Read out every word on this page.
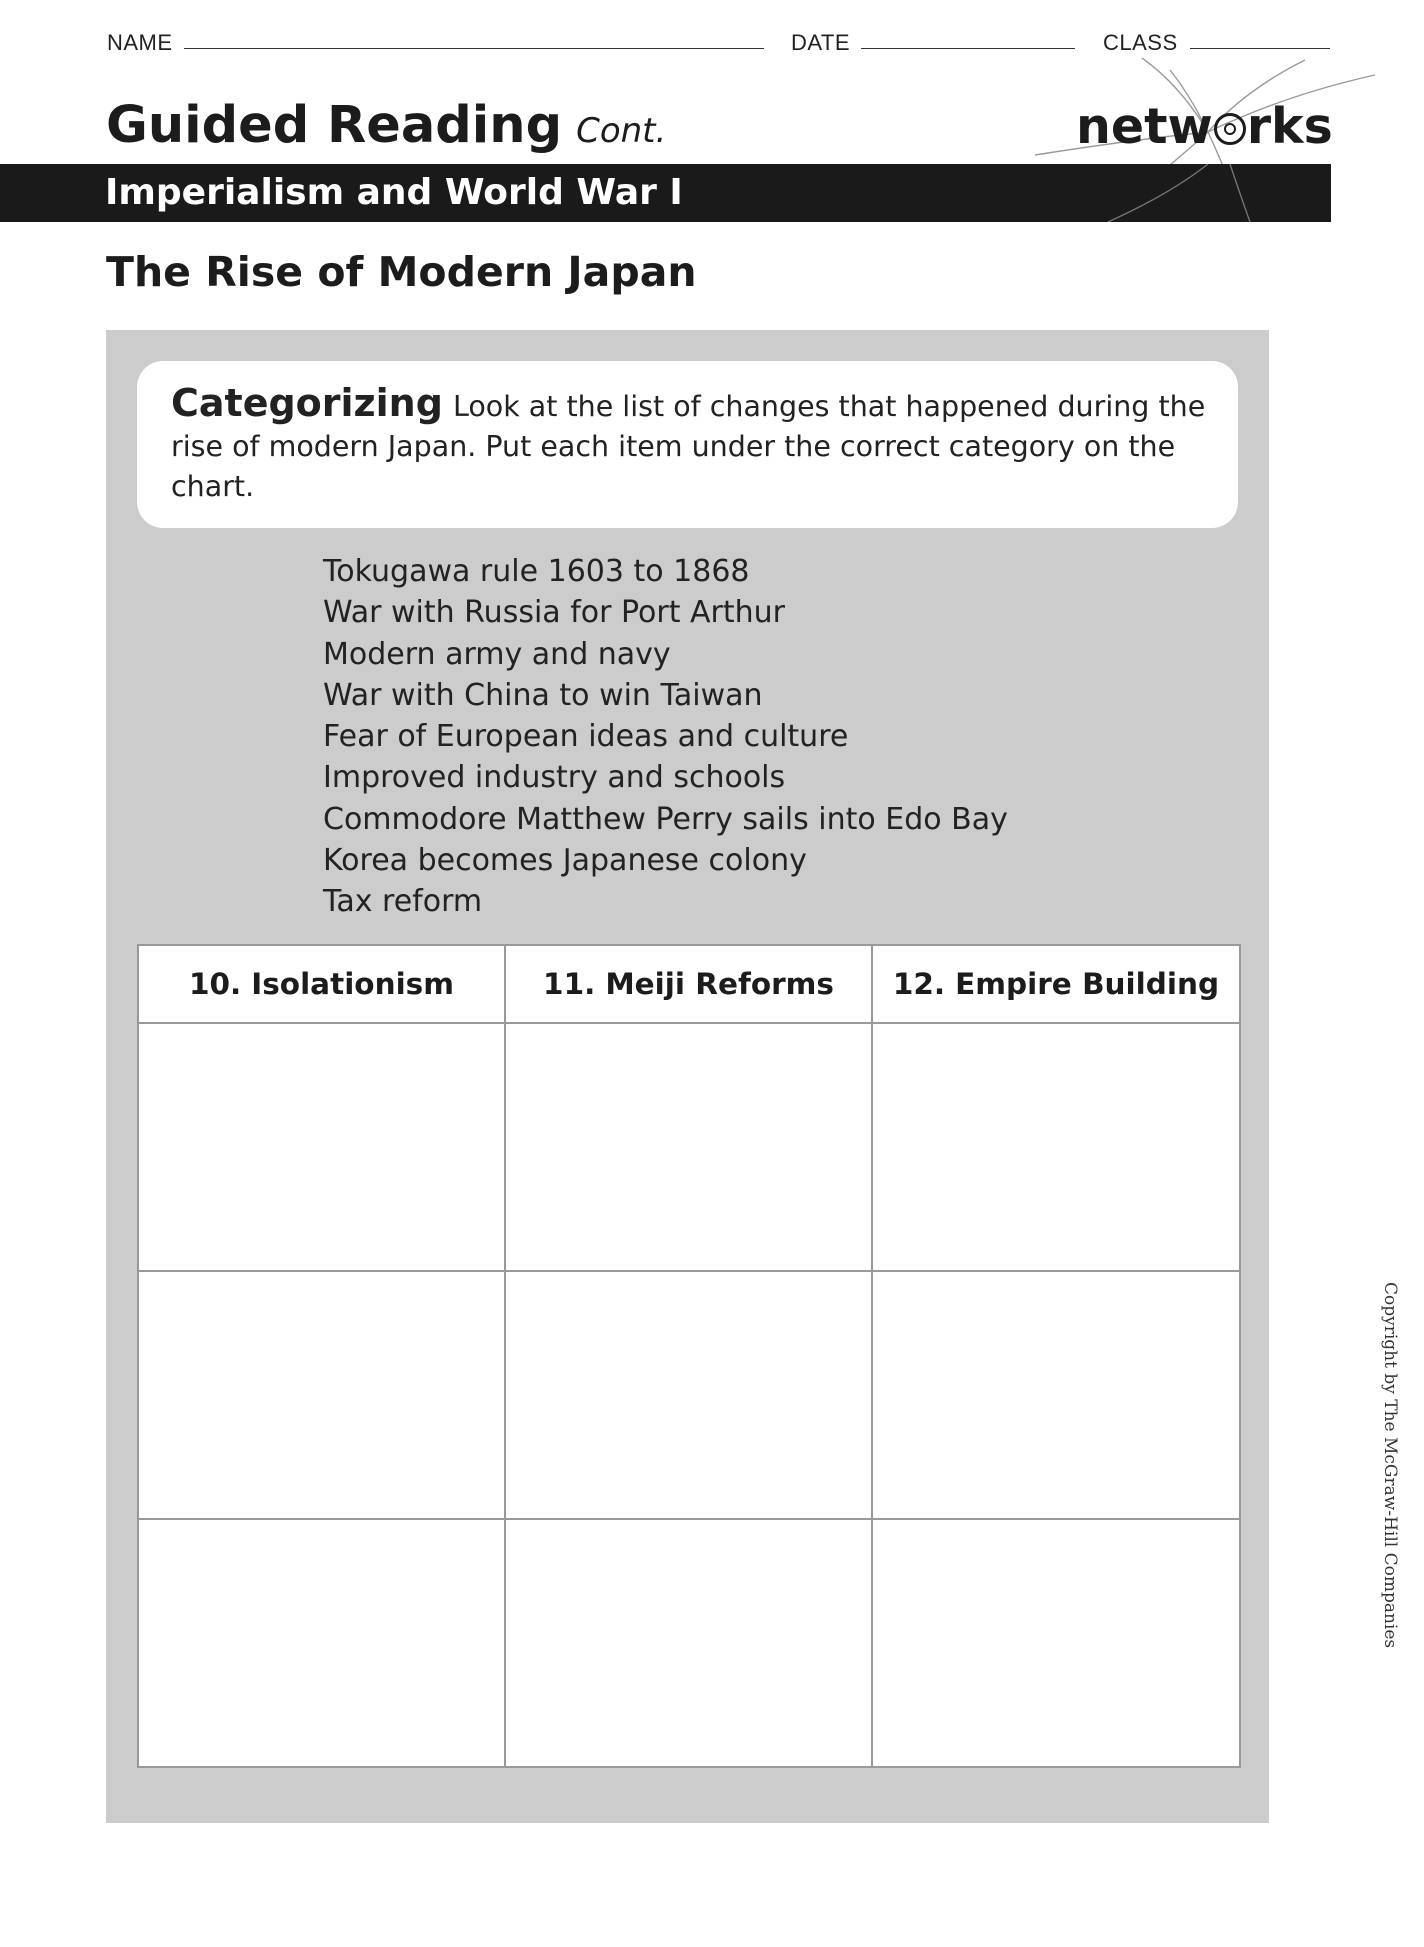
NAME	DATE	CLASS
Guided Reading Cont.	netw rks
Imperialism and World War I
The Rise of Modern Japan
Categorizing Look at the list of changes that happened during the rise of modern Japan. Put each item under the correct category on the chart.
Tokugawa rule 1603 to 1868
War with Russia for Port Arthur
Modern army and navy
War with China to win Taiwan
Fear of European ideas and culture
Improved industry and schools
Commodore Matthew Perry sails into Edo Bay
Korea becomes Japanese colony
Tax reform
10. Isolationism	11. Meiji Reforms	12. Empire Building

Copyright by The McGraw-Hill Companies
